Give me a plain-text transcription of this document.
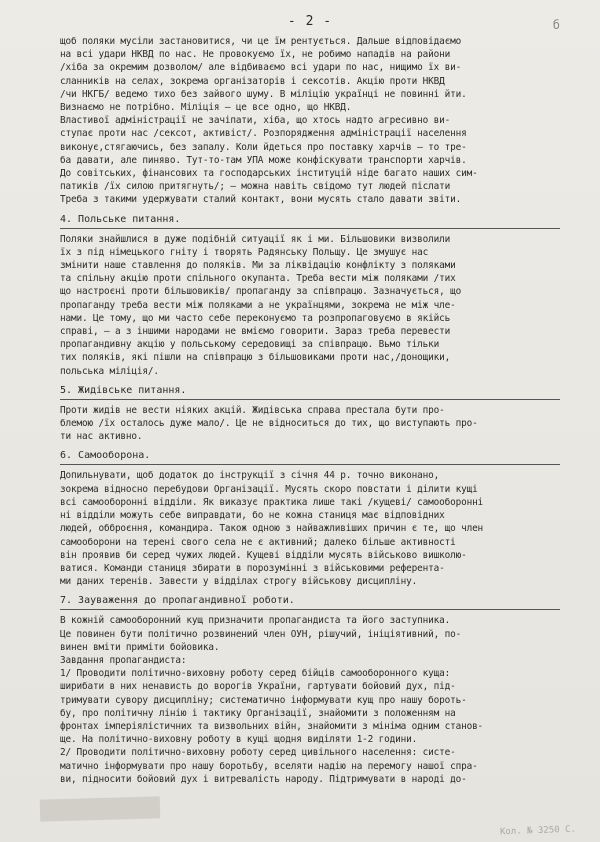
- 2 -	б
щоб поляки мусіли застановитися, чи це їм рентується. Дальше відповідаємо
на всі удари НКВД по нас. Не провокуємо їх, не робимо нападів на райони
/хіба за окремим дозволом/ але відбиваємо всі удари по нас, нищимо їх ви-
сланників на селах, зокрема організаторів і сексотів. Акцію проти НКВД
/чи НКГБ/ ведемо тихо без зайвого шуму. В міліцію українці не повинні йти.
Визнаємо не потрібно. Міліція – це все одно, що НКВД.
Властивої адміністрації не зачіпати, хіба, що хтось надто агресивно ви-
ступає проти нас /сексот, активіст/. Розпорядження адміністрації населення
виконує,стягаючись, без запалу. Коли йдеться про поставку харчів – то тре-
ба давати, але пиняво. Тут-то-там УПА може конфіскувати транспорти харчів.
До совітських, фінансових та господарських інституцій ніде багато наших сим-
патиків /їх силою притягнуть/; – можна навіть свідомо тут людей післати
Треба з такими удержувати сталий контакт, вони мусять стало давати звіти.
4. Польське питання.
Поляки знайшлися в дуже подібній ситуації як і ми. Більшовики визволили
їх з під німецького гніту і творять Радянську Польщу. Це змушує нас
змінити наше ставлення до поляків. Ми за ліквідацію конфлікту з поляками
та спільну акцію проти спільного окупанта. Треба вести між поляками /тих
що настроєні проти більшовиків/ пропаганду за співпрацю. Зазначується, що
пропаганду треба вести між поляками а не українцями, зокрема не між чле-
нами. Це тому, що ми часто себе переконуємо та розпропаговуємо в якійсь
справі, – а з іншими народами не вміємо говорити. Зараз треба перевести
пропагандивну акцію у польському середовищі за співпрацю. Вьмо тільки
тих поляків, які пішли на співпрацю з більшовиками проти нас,/донощики,
польська міліція/.
5. Жидівське питання.
Проти жидів не вести ніяких акцій. Жидівська справа престала бути про-
блемою /їх осталось дуже мало/. Це не відноситься до тих, що виступають про-
ти нас активно.
6. Самооборона.
Допильнувати, щоб додаток до інструкції з січня 44 р. точно виконано,
зокрема відносно перебудови Організації. Мусять скоро повстати і ділити кущі
всі самооборонні відділи. Як виказує практика лише такі /кущеві/ самооборонні
ні відділи можуть себе виправдати, бо не кожна станиця має відповідних
людей, обброєння, командира. Також одною з найважливіших причин є те, що член
самооборони на терені свого села не є активний; далеко більше активності
він проявив би серед чужих людей. Кущеві відділи мусять військово вишколю-
ватися. Команди станиця збирати в порозумінні з військовими референта-
ми даних теренів. Завести у відділах строгу військову дисципліну.
7. Зауваження до пропагандивної роботи.
В кожній самооборонний кущ призначити пропагандиста та його заступника.
Це повинен бути політично розвинений член ОУН, рішучий, ініціятивний, по-
винен вміти приміти бойовика.
Завдання пропагандиста:
1/ Проводити політично-виховну роботу серед бійців самооборонного куща:
ширибати в них ненависть до ворогів України, гартувати бойовий дух, під-
тримувати сувору дисципліну; систематично інформувати кущ про нашу бороть-
бу, про політичну лінію і тактику Організації, знайомити з положенням на
фронтах імперіялістичних та визвольних війн, знайомити з мініма одним станов-
ще. На політично-виховну роботу в кущі щодня виділяти 1-2 години.
2/ Проводити політично-виховну роботу серед цивільного населення: систе-
матично інформувати про нашу боротьбу, вселяти надію на перемогу нашої спра-
ви, підносити бойовий дух і витревалість народу. Підтримувати в народі до-
Кол. № 3250 С.
